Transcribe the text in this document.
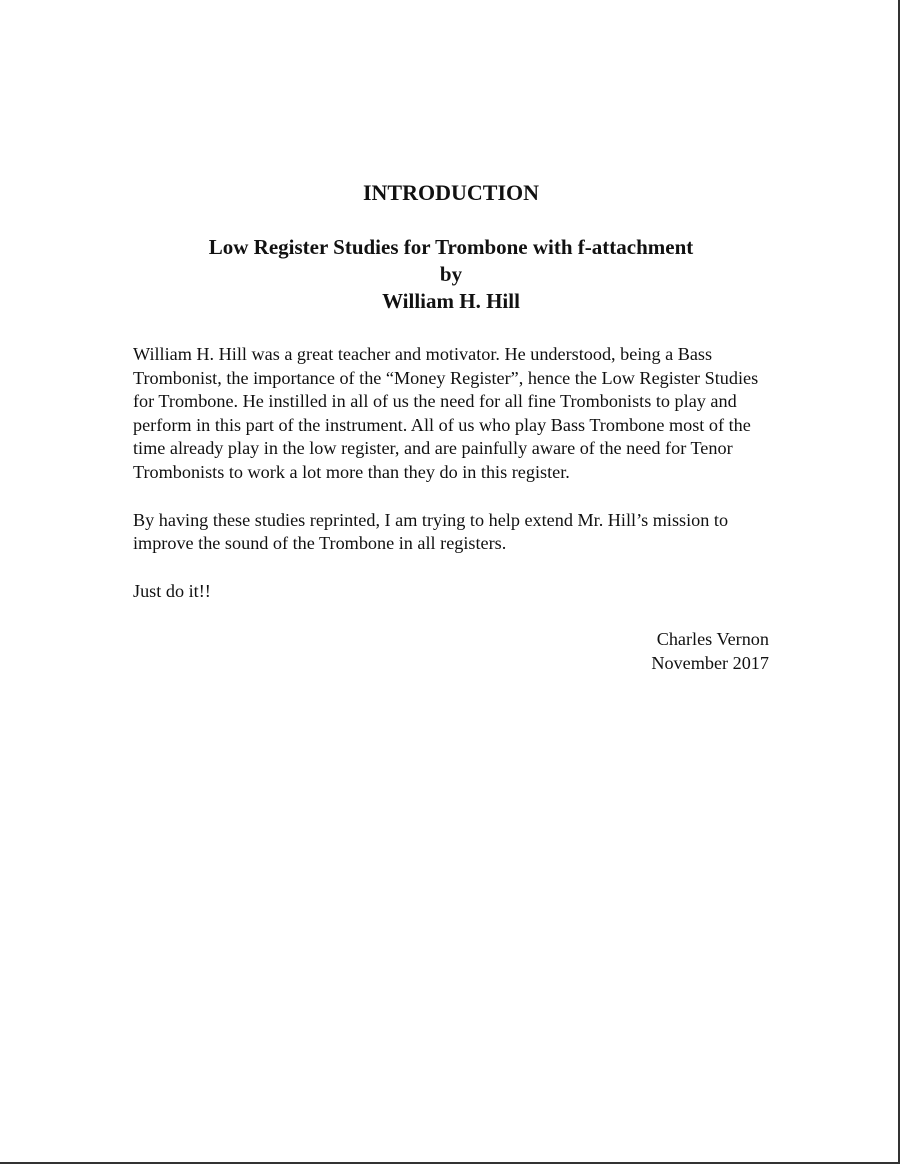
INTRODUCTION
Low Register Studies for Trombone with f-attachment
by
William H. Hill

William H. Hill was a great teacher and motivator. He understood, being a Bass Trombonist, the importance of the “Money Register”, hence the Low Register Studies for Trombone. He instilled in all of us the need for all fine Trombonists to play and perform in this part of the instrument. All of us who play Bass Trombone most of the time already play in the low register, and are painfully aware of the need for Tenor Trombonists to work a lot more than they do in this register.

By having these studies reprinted, I am trying to help extend Mr. Hill’s mission to improve the sound of the Trombone in all registers.

Just do it!!

Charles Vernon
November 2017
